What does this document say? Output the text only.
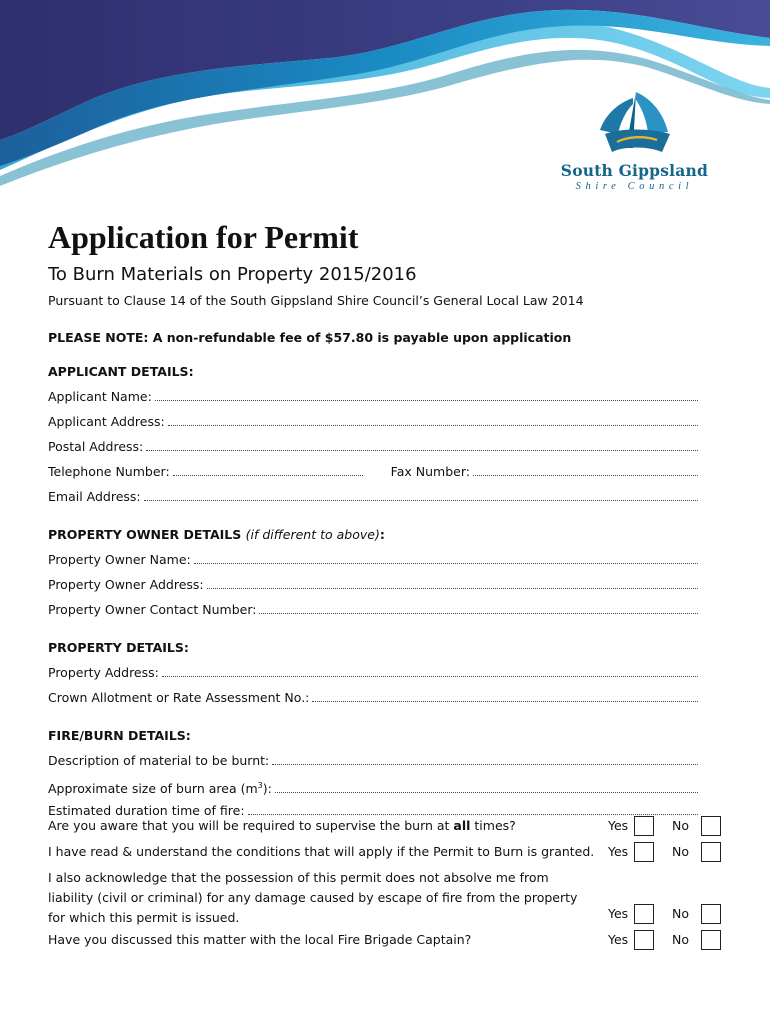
South Gippsland
Shire Council
Application for Permit

To Burn Materials on Property 2015/2016

Pursuant to Clause 14 of the South Gippsland Shire Council’s General Local Law 2014

PLEASE NOTE: A non-refundable fee of $57.80 is payable upon application

APPLICANT DETAILS:
Applicant Name:
Applicant Address:
Postal Address:
Telephone Number:	Fax Number:
Email Address:
PROPERTY OWNER DETAILS (if different to above):
Property Owner Name:
Property Owner Address:
Property Owner Contact Number:
PROPERTY DETAILS:
Property Address:
Crown Allotment or Rate Assessment No.:
FIRE/BURN DETAILS:
Description of material to be burnt:
Approximate size of burn area $(m^3)$:
Estimated duration time of fire:
Are you aware that you will be required to supervise the burn at all times?	Yes	No
I have read & understand the conditions that will apply if the Permit to Burn is granted.	Yes	No
I also acknowledge that the possession of this permit does not absolve me from
liability (civil or criminal) for any damage caused by escape of fire from the property
for which this permit is issued.	Yes	No
Have you discussed this matter with the local Fire Brigade Captain?	Yes	No
